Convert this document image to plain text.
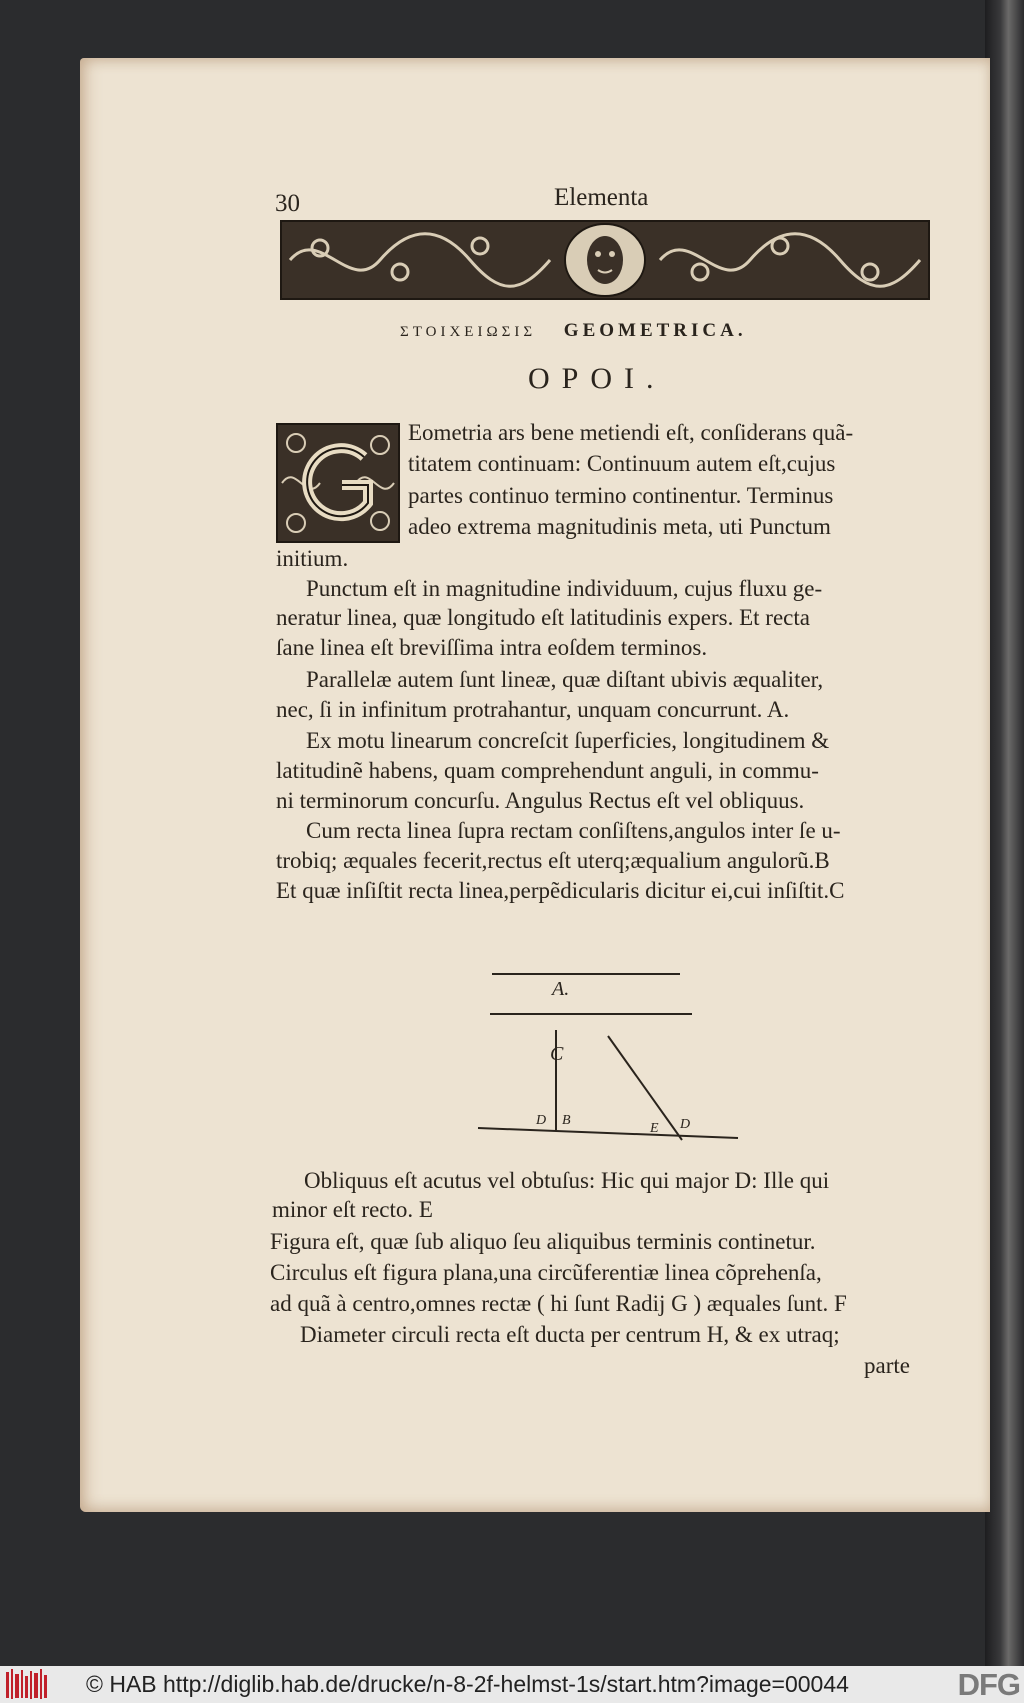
30	Elementa
ΣΤΟΙΧΕΙΩΣΙΣ GEOMETRICA.
ΟΡΟΙ.
Eometria ars bene metiendi eſt, conſiderans quã-
titatem continuam: Continuum autem eſt,cujus
partes continuo termino continentur. Terminus
adeo extrema magnitudinis meta, uti Punctum
initium.
Punctum eſt in magnitudine individuum, cujus fluxu ge-
neratur linea, quæ longitudo eſt latitudinis expers. Et recta
ſane linea eſt breviſſima intra eoſdem terminos.
Parallelæ autem ſunt lineæ, quæ diſtant ubivis æqualiter,
nec, ſi in infinitum protrahantur, unquam concurrunt. A.
Ex motu linearum concreſcit ſuperficies, longitudinem &
latitudinẽ habens, quam comprehendunt anguli, in commu-
ni terminorum concurſu. Angulus Rectus eſt vel obliquus.
Cum recta linea ſupra rectam conſiſtens,angulos inter ſe u-
trobiq; æquales fecerit,rectus eſt uterq;æqualium angulorũ.B
Et quæ inſiſtit recta linea,perpẽdicularis dicitur ei,cui inſiſtit.C
A.
C
D B
E D
Obliquus eſt acutus vel obtuſus: Hic qui major D: Ille qui
minor eſt recto. E
Figura eſt, quæ ſub aliquo ſeu aliquibus terminis continetur.
Circulus eſt figura plana,una circũferentiæ linea cõprehenſa,
ad quã à centro,omnes rectæ ( hi ſunt Radij G ) æquales ſunt. F
Diameter circuli recta eſt ducta per centrum H, & ex utraq;
parte
© HAB http://diglib.hab.de/drucke/n-8-2f-helmst-1s/start.htm?image=00044	DFG
